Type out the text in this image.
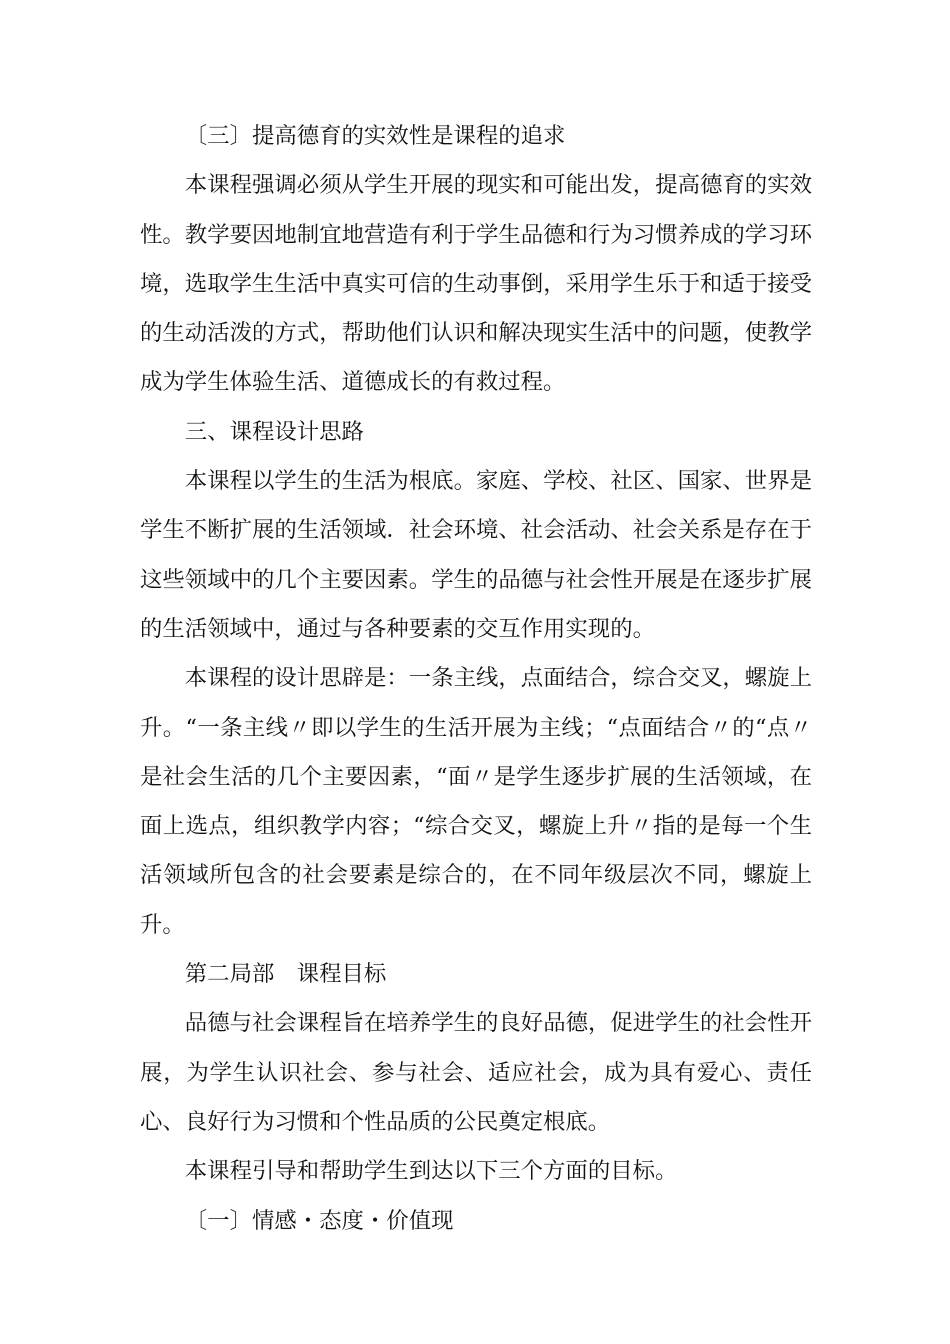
〔三〕提高德育的实效性是课程的追求

本课程强调必须从学生开展的现实和可能出发，提高德育的实效性。教学要因地制宜地营造有利于学生品德和行为习惯养成的学习环境，选取学生生活中真实可信的生动事倒，采用学生乐于和适于接受的生动活泼的方式，帮助他们认识和解决现实生活中的问题，使教学成为学生体验生活、道德成长的有救过程。

三、课程设计思路

本课程以学生的生活为根底。家庭、学校、社区、国家、世界是学生不断扩展的生活领域．社会环境、社会活动、社会关系是存在于这些领域中的几个主要因素。学生的品德与社会性开展是在逐步扩展的生活领域中，通过与各种要素的交互作用实现的。

本课程的设计思辟是：一条主线，点面结合，综合交叉，螺旋上升。“一条主线〃即以学生的生活开展为主线；“点面结合〃的“点〃是社会生活的几个主要因素，“面〃是学生逐步扩展的生活领域，在面上选点，组织教学内容；“综合交叉，螺旋上升〃指的是每一个生活领域所包含的社会要素是综合的，在不同年级层次不同，螺旋上升。

第二局部　课程目标

品德与社会课程旨在培养学生的良好品德，促进学生的社会性开展，为学生认识社会、参与社会、适应社会，成为具有爱心、责任心、良好行为习惯和个性品质的公民奠定根底。

本课程引导和帮助学生到达以下三个方面的目标。

〔一〕情感・态度・价值现
